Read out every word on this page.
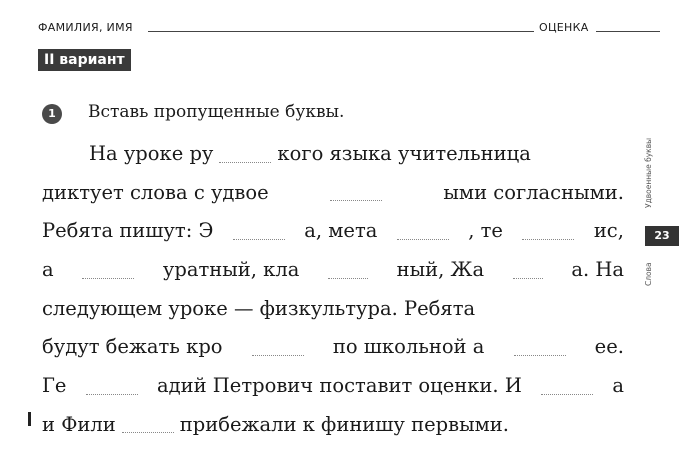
ФАМИЛИЯ, ИМЯ	ОЦЕНКА
II вариант
1	Вставь пропущенные буквы.
На уроке ру	кого языка учительница
диктует слова с удвое	ыми согласными.
Ребята пишут: Э	а, мета	, те	ис,
а	уратный, кла	ный, Жа	а. На
следующем уроке — физкультура. Ребята
будут бежать кро	по школьной а	ее.
Ге	адий Петрович поставит оценки. И	а
и Фили	прибежали к финишу первыми.
Удвоенные буквы
Слова
23
